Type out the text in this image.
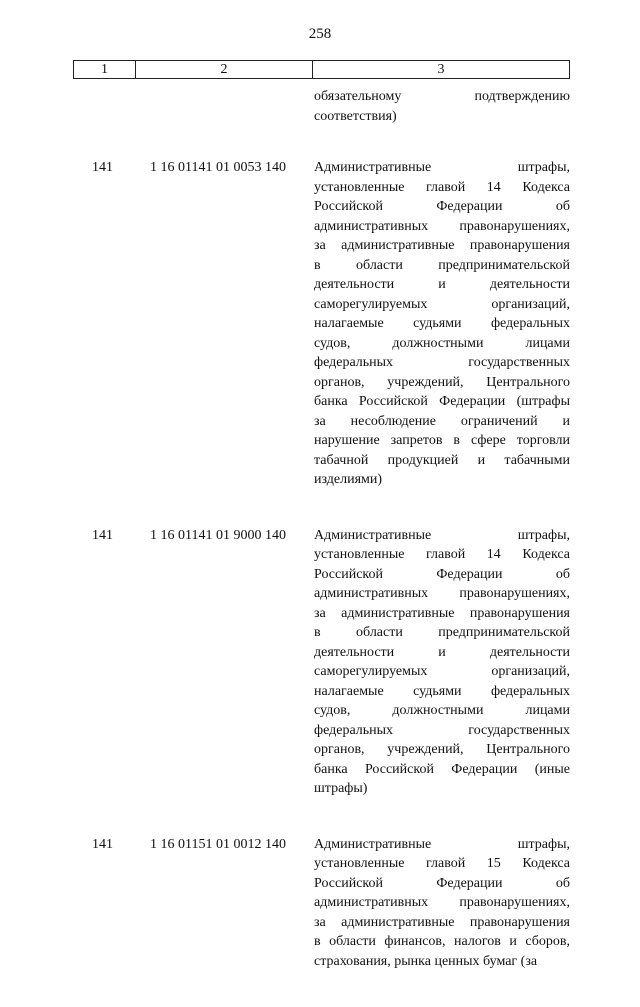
258
1	2	3
обязательному подтверждению
соответствия)
141	1 16 01141 01 0053 140 Административные штрафы,
установленные главой 14 Кодекса
Российской Федерации об
административных правонарушениях,
за административные правонарушения
в области предпринимательской
деятельности и деятельности
саморегулируемых организаций,
налагаемые судьями федеральных
судов, должностными лицами
федеральных государственных
органов, учреждений, Центрального
банка Российской Федерации (штрафы
за несоблюдение ограничений и
нарушение запретов в сфере торговли
табачной продукцией и табачными
изделиями)
141	1 16 01141 01 9000 140 Административные штрафы,
установленные главой 14 Кодекса
Российской Федерации об
административных правонарушениях,
за административные правонарушения
в области предпринимательской
деятельности и деятельности
саморегулируемых организаций,
налагаемые судьями федеральных
судов, должностными лицами
федеральных государственных
органов, учреждений, Центрального
банка Российской Федерации (иные
штрафы)
141	1 16 01151 01 0012 140 Административные штрафы,
установленные главой 15 Кодекса
Российской Федерации об
административных правонарушениях,
за административные правонарушения
в области финансов, налогов и сборов,
страхования, рынка ценных бумаг (за
